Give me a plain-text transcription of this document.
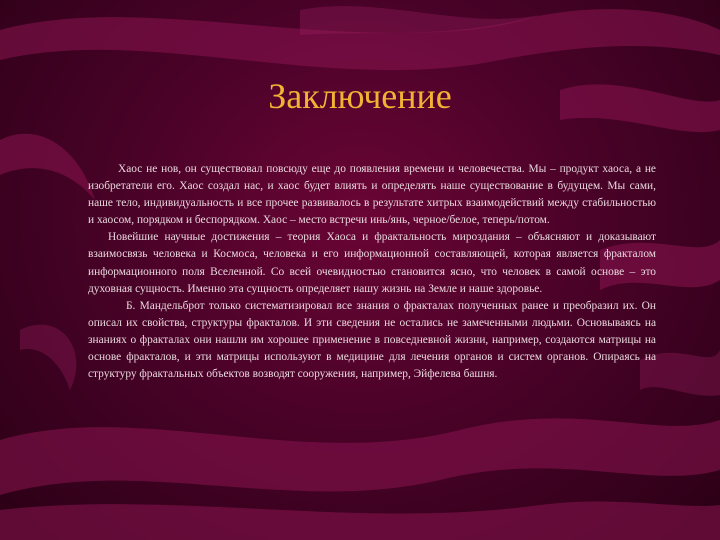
Заключение

Хаос не нов, он существовал повсюду еще до появления времени и человечества. Мы – продукт хаоса, а не изобретатели его. Хаос создал нас, и хаос будет влиять и определять наше существование в будущем. Мы сами, наше тело, индивидуальность и все прочее развивалось в результате хитрых взаимодействий между стабильностью и хаосом, порядком и беспорядком. Хаос – место встречи инь/янь, черное/белое, теперь/потом.

Новейшие научные достижения – теория Хаоса и фрактальность мироздания – объясняют и доказывают взаимосвязь человека и Космоса, человека и его информационной составляющей, которая является фракталом информационного поля Вселенной. Со всей очевидностью становится ясно, что человек в самой основе – это духовная сущность. Именно эта сущность определяет нашу жизнь на Земле и наше здоровье.

Б. Мандельброт только систематизировал все знания о фракталах полученных ранее и преобразил их. Он описал их свойства, структуры фракталов. И эти сведения не остались не замеченными людьми. Основываясь на знаниях о фракталах они нашли им хорошее применение в повседневной жизни, например, создаются матрицы на основе фракталов, и эти матрицы используют в медицине для лечения органов и систем органов. Опираясь на структуру фрактальных объектов возводят сооружения, например, Эйфелева башня.
